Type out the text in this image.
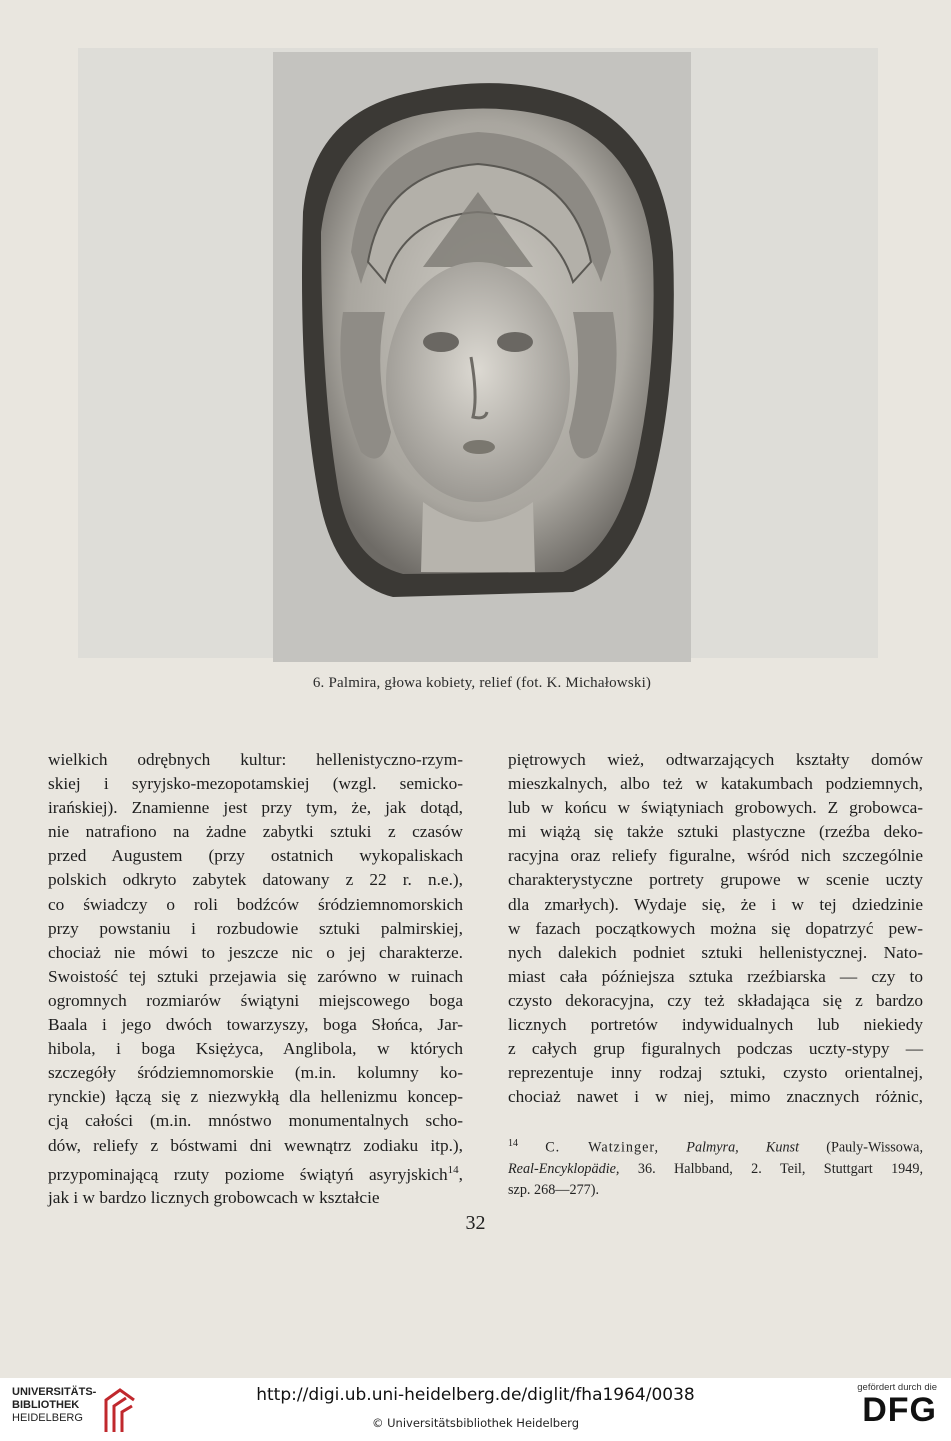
6. Palmira, głowa kobiety, relief (fot. K. Michałowski)
wielkich odrębnych kultur: hellenistyczno-rzym-
skiej i syryjsko-mezopotamskiej (wzgl. semicko-
irańskiej). Znamienne jest przy tym, że, jak dotąd,
nie natrafiono na żadne zabytki sztuki z czasów
przed Augustem (przy ostatnich wykopaliskach
polskich odkryto zabytek datowany z 22 r. n.e.),
co świadczy o roli bodźców śródziemnomorskich
przy powstaniu i rozbudowie sztuki palmirskiej,
chociaż nie mówi to jeszcze nic o jej charakterze.
Swoistość tej sztuki przejawia się zarówno w ruinach
ogromnych rozmiarów świątyni miejscowego boga
Baala i jego dwóch towarzyszy, boga Słońca, Jar-
hibola, i boga Księżyca, Anglibola, w których
szczegóły śródziemnomorskie (m.in. kolumny ko-
rynckie) łączą się z niezwykłą dla hellenizmu koncep-
cją całości (m.in. mnóstwo monumentalnych scho-
dów, reliefy z bóstwami dni wewnątrz zodiaku itp.),
przypominającą rzuty poziome świątyń asyryjskich$^{14}$,
jak i w bardzo licznych grobowcach w kształcie
piętrowych wież, odtwarzających kształty domów
mieszkalnych, albo też w katakumbach podziemnych,
lub w końcu w świątyniach grobowych. Z grobowca-
mi wiążą się także sztuki plastyczne (rzeźba deko-
racyjna oraz reliefy figuralne, wśród nich szczególnie
charakterystyczne portrety grupowe w scenie uczty
dla zmarłych). Wydaje się, że i w tej dziedzinie
w fazach początkowych można się dopatrzyć pew-
nych dalekich podniet sztuki hellenistycznej. Nato-
miast cała późniejsza sztuka rzeźbiarska — czy to
czysto dekoracyjna, czy też składająca się z bardzo
licznych portretów indywidualnych lub niekiedy
z całych grup figuralnych podczas uczty-stypy —
reprezentuje inny rodzaj sztuki, czysto orientalnej,
chociaż nawet i w niej, mimo znacznych różnic,
$^{14}$ C. Watzinger, Palmyra, Kunst (Pauly-Wissowa,
Real-Encyklopädie, 36. Halbband, 2. Teil, Stuttgart 1949,
szp. 268—277).
32
UNIVERSITÄTS-
BIBLIOTHEK
HEIDELBERG
http://digi.ub.uni-heidelberg.de/diglit/fha1964/0038
© Universitätsbibliothek Heidelberg
gefördert durch die
DFG
